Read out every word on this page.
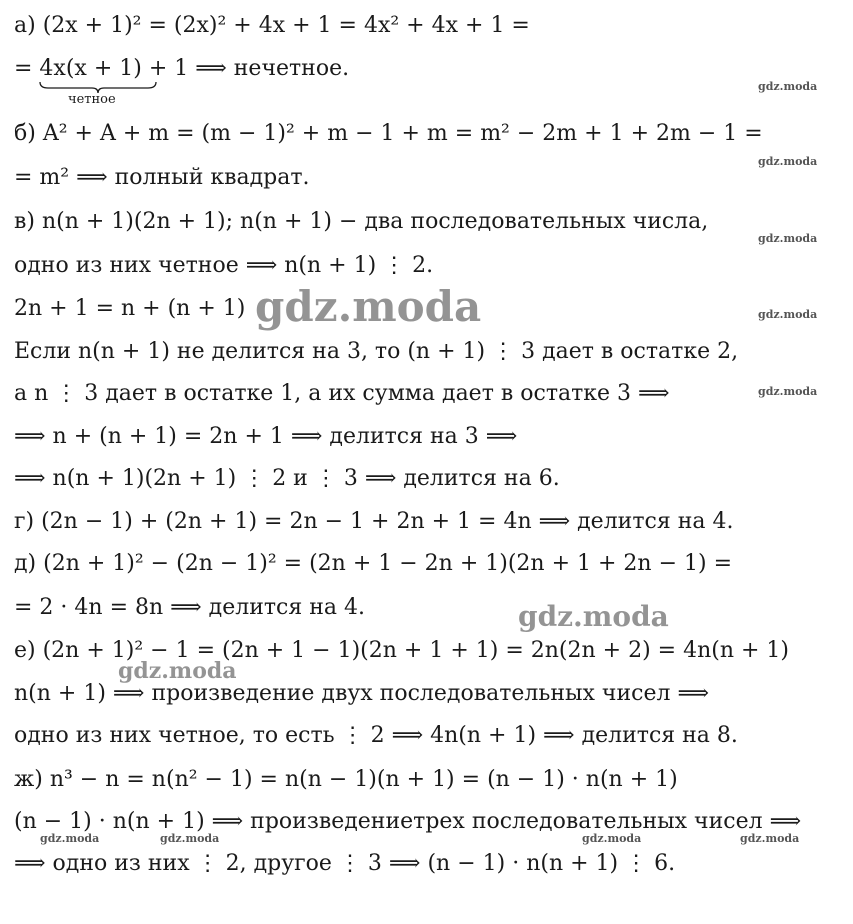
а) (2x + 1)² = (2x)² + 4x + 1 = 4x² + 4x + 1 =
= 4x(x + 1) + 1 ⟹ нечетное.
четное
б) A² + A + m = (m − 1)² + m − 1 + m = m² − 2m + 1 + 2m − 1 =
= m² ⟹ полный квадрат.
в) n(n + 1)(2n + 1); n(n + 1) − два последовательных числа,
одно из них четное ⟹ n(n + 1) ⋮ 2.
2n + 1 = n + (n + 1)
Если n(n + 1) не делится на 3, то (n + 1) ⋮ 3 дает в остатке 2,
а n ⋮ 3 дает в остатке 1, а их сумма дает в остатке 3 ⟹
⟹ n + (n + 1) = 2n + 1 ⟹ делится на 3 ⟹
⟹ n(n + 1)(2n + 1) ⋮ 2 и ⋮ 3 ⟹ делится на 6.
г) (2n − 1) + (2n + 1) = 2n − 1 + 2n + 1 = 4n ⟹ делится на 4.
д) (2n + 1)² − (2n − 1)² = (2n + 1 − 2n + 1)(2n + 1 + 2n − 1) =
= 2 · 4n = 8n ⟹ делится на 4.
е) (2n + 1)² − 1 = (2n + 1 − 1)(2n + 1 + 1) = 2n(2n + 2) = 4n(n + 1)
n(n + 1) ⟹ произведение двух последовательных чисел ⟹
одно из них четное, то есть ⋮ 2 ⟹ 4n(n + 1) ⟹ делится на 8.
ж) n³ − n = n(n² − 1) = n(n − 1)(n + 1) = (n − 1) · n(n + 1)
(n − 1) · n(n + 1) ⟹ произведениетрех последовательных чисел ⟹
⟹ одно из них ⋮ 2, другое ⋮ 3 ⟹ (n − 1) · n(n + 1) ⋮ 6.
gdz.moda
gdz.moda
gdz.moda
gdz.moda
gdz.moda
gdz.moda	gdz.moda	gdz.moda
gdz.moda
gdz.moda
gdz.moda
gdz.moda
